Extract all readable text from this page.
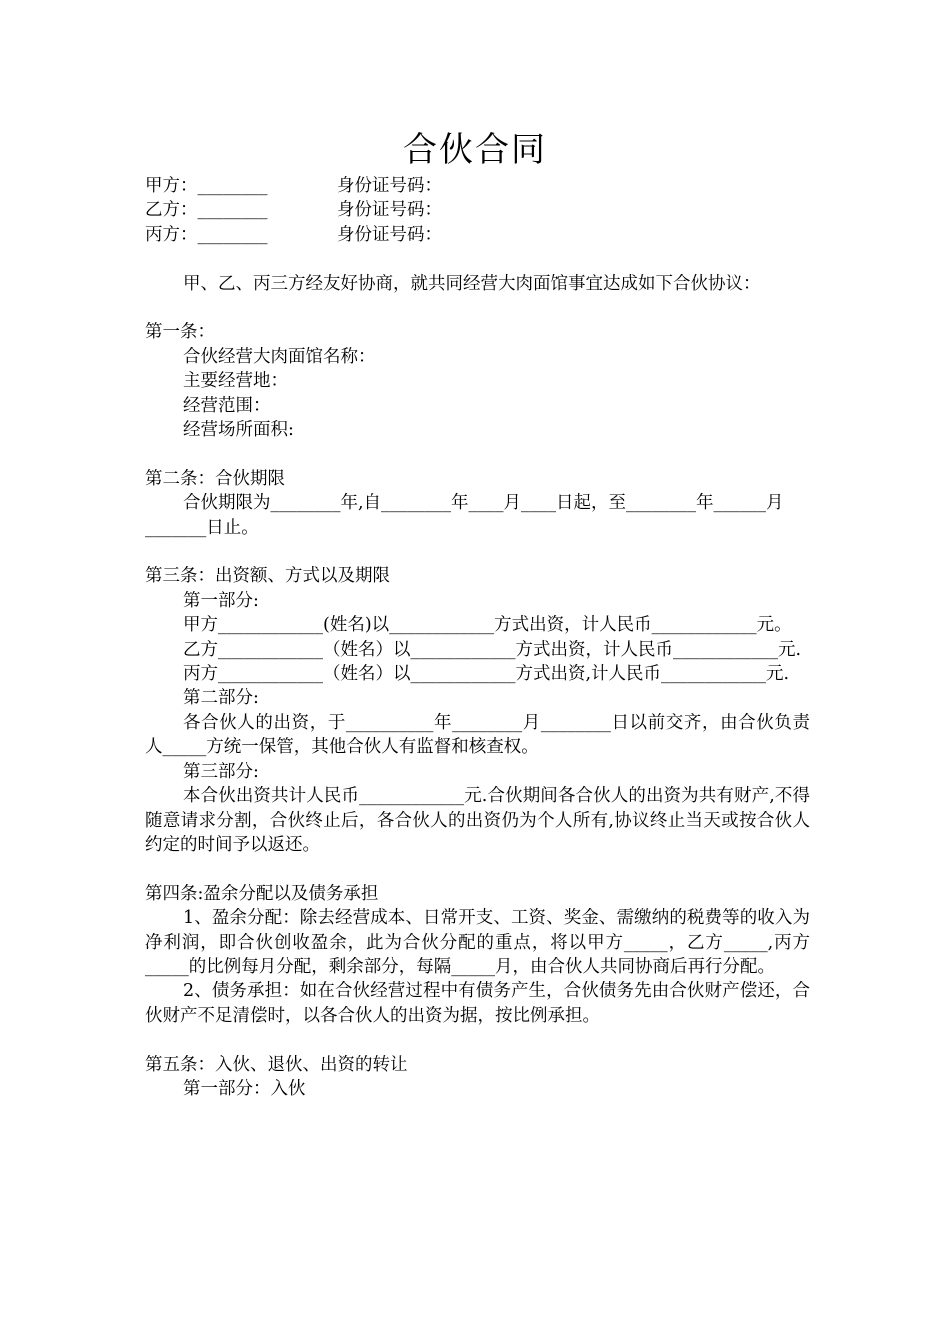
合伙合同
甲方：________	身份证号码：
乙方：________	身份证号码：
丙方：________	身份证号码：

甲、乙、丙三方经友好协商，就共同经营大肉面馆事宜达成如下合伙协议：

第一条：

合伙经营大肉面馆名称：

主要经营地：

经营范围：

经营场所面积:

第二条：合伙期限

合伙期限为________年,自________年____月____日起，至________年______月_______日止。

第三条：出资额、方式以及期限

第一部分:

甲方____________(姓名)以____________方式出资，计人民币____________元。

乙方____________（姓名）以____________方式出资，计人民币____________元.

丙方____________（姓名）以____________方式出资,计人民币____________元.

第二部分:

各合伙人的出资，于__________年________月________日以前交齐，由合伙负责人_____方统一保管，其他合伙人有监督和核查权。

第三部分:

本合伙出资共计人民币____________元.合伙期间各合伙人的出资为共有财产,不得随意请求分割，合伙终止后，各合伙人的出资仍为个人所有,协议终止当天或按合伙人约定的时间予以返还。

第四条:盈余分配以及债务承担

1、盈余分配：除去经营成本、日常开支、工资、奖金、需缴纳的税费等的收入为净利润，即合伙创收盈余，此为合伙分配的重点，将以甲方_____，乙方_____,丙方_____的比例每月分配，剩余部分，每隔_____月，由合伙人共同协商后再行分配。

2、债务承担：如在合伙经营过程中有债务产生，合伙债务先由合伙财产偿还，合伙财产不足清偿时，以各合伙人的出资为据，按比例承担。

第五条：入伙、退伙、出资的转让

第一部分：入伙
